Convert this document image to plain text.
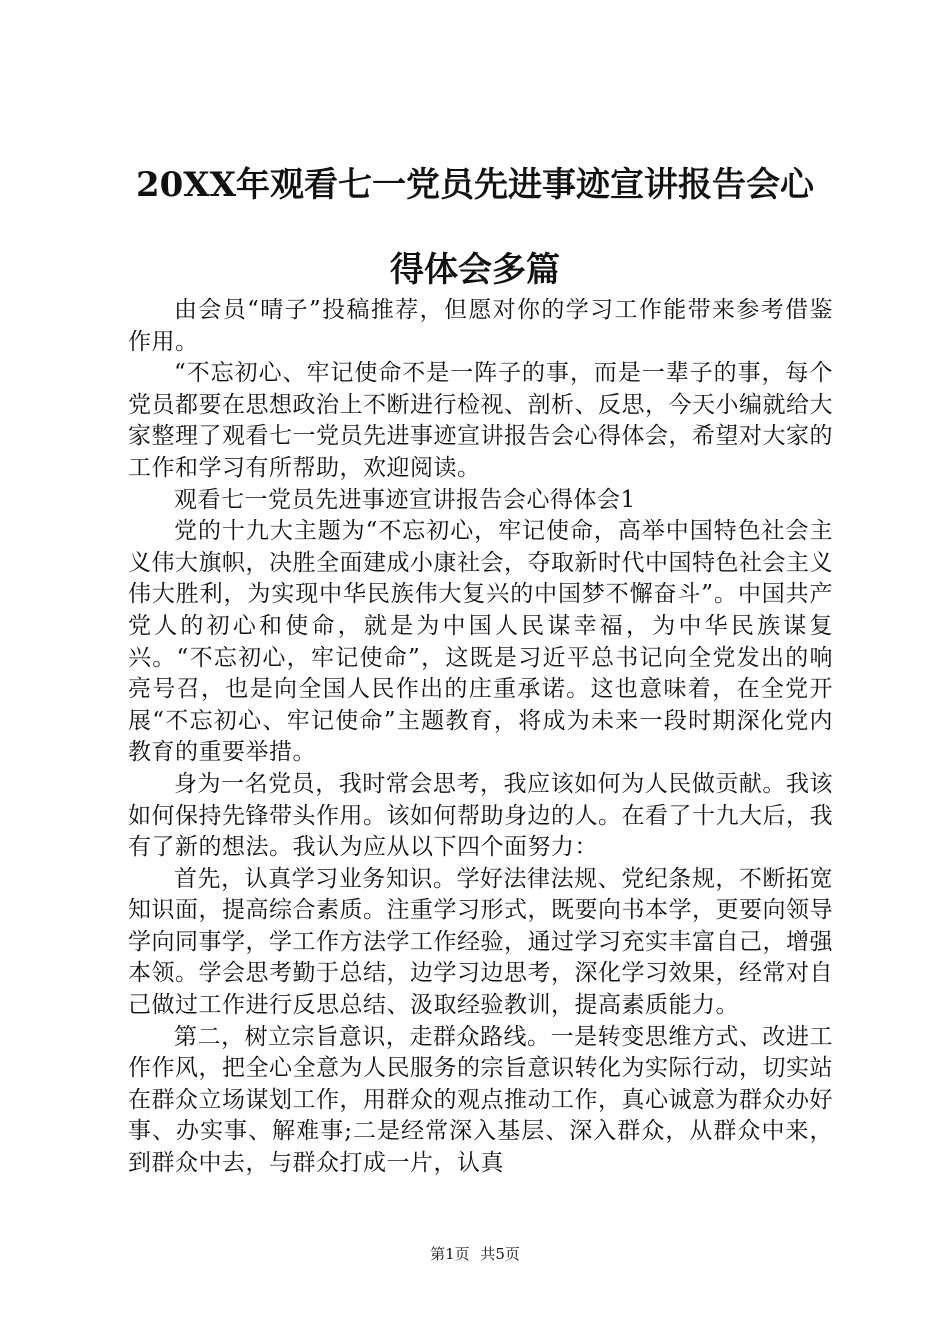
20XX年观看七一党员先进事迹宣讲报告会心
得体会多篇

由会员“晴子”投稿推荐，但愿对你的学习工作能带来参考借鉴作用。

“不忘初心、牢记使命不是一阵子的事，而是一辈子的事，每个党员都要在思想政治上不断进行检视、剖析、反思，今天小编就给大家整理了观看七一党员先进事迹宣讲报告会心得体会，希望对大家的工作和学习有所帮助，欢迎阅读。

观看七一党员先进事迹宣讲报告会心得体会1

党的十九大主题为“不忘初心，牢记使命，高举中国特色社会主义伟大旗帜，决胜全面建成小康社会，夺取新时代中国特色社会主义伟大胜利，为实现中华民族伟大复兴的中国梦不懈奋斗”。中国共产党人的初心和使命，就是为中国人民谋幸福，为中华民族谋复兴。“不忘初心，牢记使命”，这既是习近平总书记向全党发出的响亮号召，也是向全国人民作出的庄重承诺。这也意味着，在全党开展“不忘初心、牢记使命”主题教育，将成为未来一段时期深化党内教育的重要举措。

身为一名党员，我时常会思考，我应该如何为人民做贡献。我该如何保持先锋带头作用。该如何帮助身边的人。在看了十九大后，我有了新的想法。我认为应从以下四个面努力：

首先，认真学习业务知识。学好法律法规、党纪条规，不断拓宽知识面，提高综合素质。注重学习形式，既要向书本学，更要向领导学向同事学，学工作方法学工作经验，通过学习充实丰富自己，增强本领。学会思考勤于总结，边学习边思考，深化学习效果，经常对自己做过工作进行反思总结、汲取经验教训，提高素质能力。

第二，树立宗旨意识，走群众路线。一是转变思维方式、改进工作作风，把全心全意为人民服务的宗旨意识转化为实际行动，切实站在群众立场谋划工作，用群众的观点推动工作，真心诚意为群众办好事、办实事、解难事;二是经常深入基层、深入群众，从群众中来，到群众中去，与群众打成一片，认真

第1页 共5页
